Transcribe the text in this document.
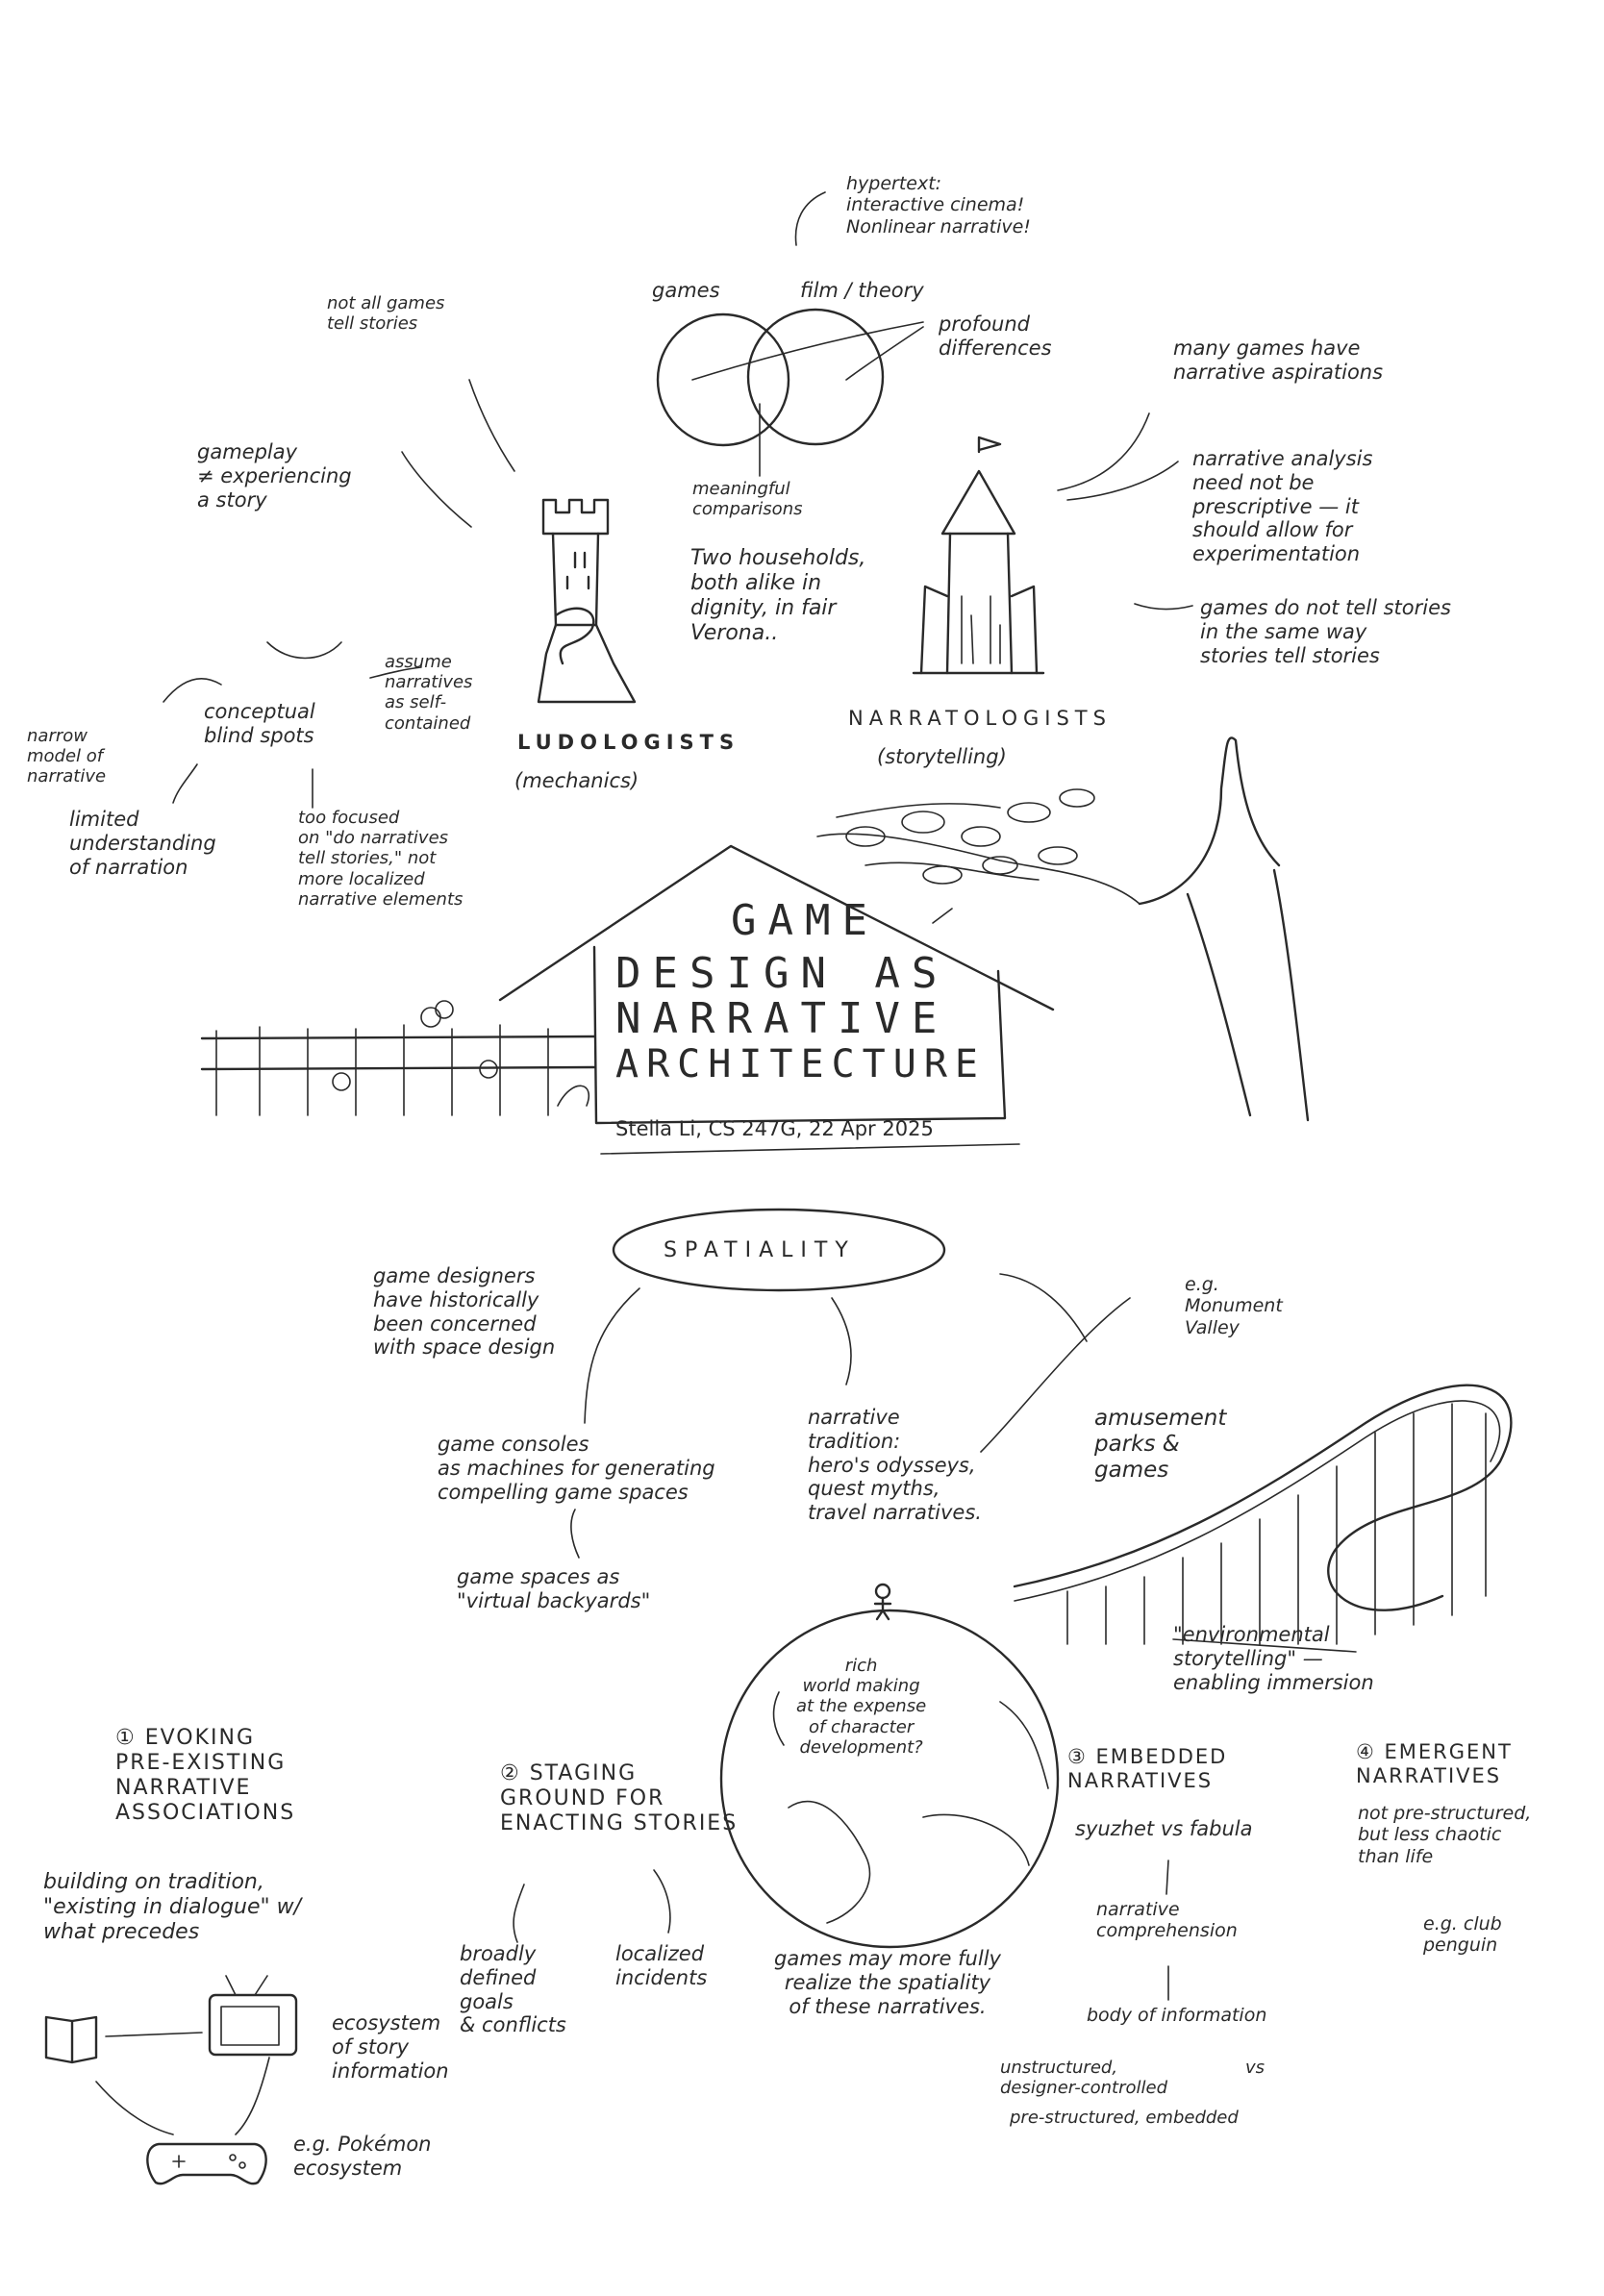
hypertext:
interactive cinema!
Nonlinear narrative!
games	film / theory
profound
differences
meaningful
comparisons
not all games
tell stories
gameplay
≠ experiencing
a story
many games have
narrative aspirations
narrative analysis
need not be
prescriptive — it
should allow for
experimentation
Two households,
both alike in
dignity, in fair
Verona..
games do not tell stories
in the same way
stories tell stories
conceptual
blind spots
assume
narratives
as self-
contained
narrow
model of
narrative
limited
understanding
of narration
too focused
on "do narratives
tell stories," not
more localized
narrative elements
LUDOLOGISTS
(mechanics)
NARRATOLOGISTS
(storytelling)
GAME
DESIGN AS
NARRATIVE
ARCHITECTURE
Stella Li, CS 247G, 22 Apr 2025
SPATIALITY
game designers
have historically
been concerned
with space design
e.g.
Monument
Valley
game consoles
as machines for generating
compelling game spaces
game spaces as
"virtual backyards"
narrative
tradition:
hero's odysseys,
quest myths,
travel narratives.
amusement
parks &
games
"environmental
storytelling" —
enabling immersion
rich
world making
at the expense
of character
development?
games may more fully
realize the spatiality
of these narratives.
① EVOKING
PRE-EXISTING
NARRATIVE
ASSOCIATIONS
building on tradition,
"existing in dialogue" w/
what precedes
ecosystem
of story
information
e.g. Pokémon
ecosystem
② STAGING
GROUND FOR
ENACTING STORIES
broadly
defined
goals
& conflicts
localized
incidents
③ EMBEDDED
NARRATIVES
syuzhet vs fabula
narrative
comprehension
body of information
unstructured,
designer-controlled
vs
pre-structured, embedded
④ EMERGENT
NARRATIVES
not pre-structured,
but less chaotic
than life
e.g. club
penguin
